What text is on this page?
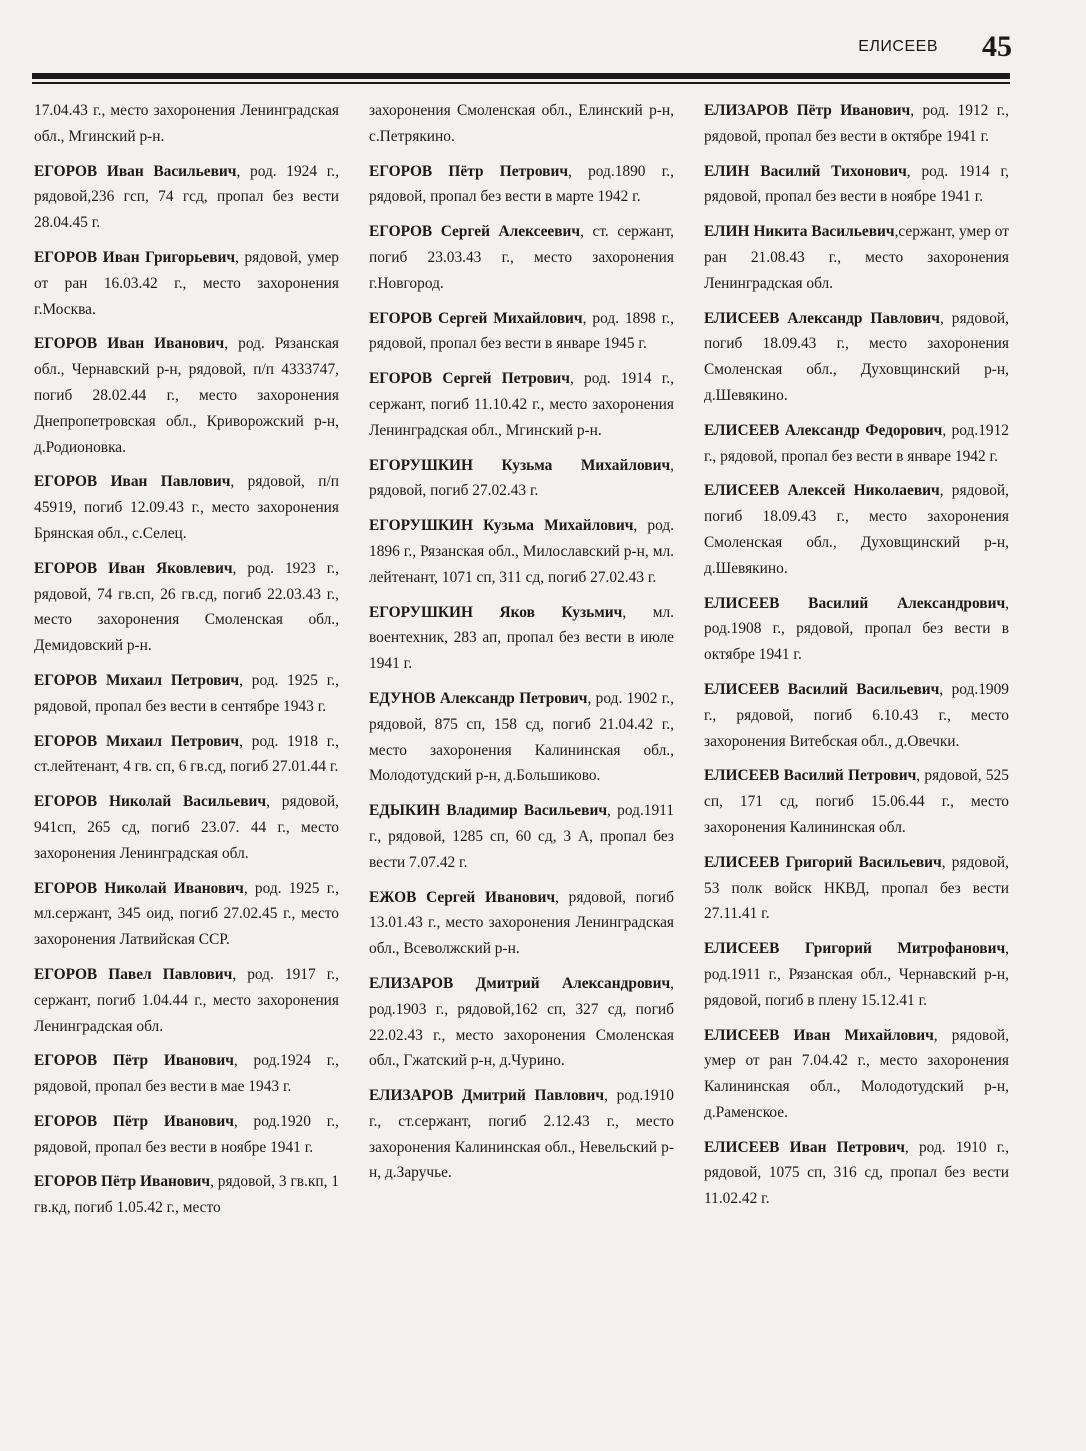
ЕЛИСЕЕВ 45

17.04.43 г., место захоронения Ленинградская обл., Мгинский р-н.

ЕГОРОВ Иван Васильевич, род. 1924 г., рядовой,236 гсп, 74 гсд, пропал без вести 28.04.45 г.

ЕГОРОВ Иван Григорьевич, рядовой, умер от ран 16.03.42 г., место захоронения г.Москва.

ЕГОРОВ Иван Иванович, род. Рязанская обл., Чернавский р-н, рядовой, п/п 4333747, погиб 28.02.44 г., место захоронения Днепропетровская обл., Криворожский р-н, д.Родионовка.

ЕГОРОВ Иван Павлович, рядовой, п/п 45919, погиб 12.09.43 г., место захоронения Брянская обл., с.Селец.

ЕГОРОВ Иван Яковлевич, род. 1923 г., рядовой, 74 гв.сп, 26 гв.сд, погиб 22.03.43 г., место захоронения Смоленская обл., Демидовский р-н.

ЕГОРОВ Михаил Петрович, род. 1925 г., рядовой, пропал без вести в сентябре 1943 г.

ЕГОРОВ Михаил Петрович, род. 1918 г., ст.лейтенант, 4 гв. сп, 6 гв.сд, погиб 27.01.44 г.

ЕГОРОВ Николай Васильевич, рядовой, 941сп, 265 сд, погиб 23.07. 44 г., место захоронения Ленинградская обл.

ЕГОРОВ Николай Иванович, род. 1925 г., мл.сержант, 345 оид, погиб 27.02.45 г., место захоронения Латвийская ССР.

ЕГОРОВ Павел Павлович, род. 1917 г., сержант, погиб 1.04.44 г., место захоронения Ленинградская обл.

ЕГОРОВ Пётр Иванович, род.1924 г., рядовой, пропал без вести в мае 1943 г.

ЕГОРОВ Пётр Иванович, род.1920 г., рядовой, пропал без вести в ноябре 1941 г.

ЕГОРОВ Пётр Иванович, рядовой, 3 гв.кп, 1 гв.кд, погиб 1.05.42 г., место

захоронения Смоленская обл., Елинский р-н, с.Петрякино.

ЕГОРОВ Пётр Петрович, род.1890 г., рядовой, пропал без вести в марте 1942 г.

ЕГОРОВ Сергей Алексеевич, ст. сержант, погиб 23.03.43 г., место захоронения г.Новгород.

ЕГОРОВ Сергей Михайлович, род. 1898 г., рядовой, пропал без вести в январе 1945 г.

ЕГОРОВ Сергей Петрович, род. 1914 г., сержант, погиб 11.10.42 г., место захоронения Ленинградская обл., Мгинский р-н.

ЕГОРУШКИН Кузьма Михайлович, рядовой, погиб 27.02.43 г.

ЕГОРУШКИН Кузьма Михайлович, род. 1896 г., Рязанская обл., Милославский р-н, мл. лейтенант, 1071 сп, 311 сд, погиб 27.02.43 г.

ЕГОРУШКИН Яков Кузьмич, мл. воентехник, 283 ап, пропал без вести в июле 1941 г.

ЕДУНОВ Александр Петрович, род. 1902 г., рядовой, 875 сп, 158 сд, погиб 21.04.42 г., место захоронения Калининская обл., Молодотудский р-н, д.Большиково.

ЕДЫКИН Владимир Васильевич, род.1911 г., рядовой, 1285 сп, 60 сд, 3 А, пропал без вести 7.07.42 г.

ЕЖОВ Сергей Иванович, рядовой, погиб 13.01.43 г., место захоронения Ленинградская обл., Всеволжский р-н.

ЕЛИЗАРОВ Дмитрий Александрович, род.1903 г., рядовой,162 сп, 327 сд, погиб 22.02.43 г., место захоронения Смоленская обл., Гжатский р-н, д.Чурино.

ЕЛИЗАРОВ Дмитрий Павлович, род.1910 г., ст.сержант, погиб 2.12.43 г., место захоронения Калининская обл., Невельский р-н, д.Заручье.

ЕЛИЗАРОВ Пётр Иванович, род. 1912 г., рядовой, пропал без вести в октябре 1941 г.

ЕЛИН Василий Тихонович, род. 1914 г, рядовой, пропал без вести в ноябре 1941 г.

ЕЛИН Никита Васильевич,сержант, умер от ран 21.08.43 г., место захоронения Ленинградская обл.

ЕЛИСЕЕВ Александр Павлович, рядовой, погиб 18.09.43 г., место захоронения Смоленская обл., Духовщинский р-н, д.Шевякино.

ЕЛИСЕЕВ Александр Федорович, род.1912 г., рядовой, пропал без вести в январе 1942 г.

ЕЛИСЕЕВ Алексей Николаевич, рядовой, погиб 18.09.43 г., место захоронения Смоленская обл., Духовщинский р-н, д.Шевякино.

ЕЛИСЕЕВ Василий Александрович, род.1908 г., рядовой, пропал без вести в октябре 1941 г.

ЕЛИСЕЕВ Василий Васильевич, род.1909 г., рядовой, погиб 6.10.43 г., место захоронения Витебская обл., д.Овечки.

ЕЛИСЕЕВ Василий Петрович, рядовой, 525 сп, 171 сд, погиб 15.06.44 г., место захоронения Калининская обл.

ЕЛИСЕЕВ Григорий Васильевич, рядовой, 53 полк войск НКВД, пропал без вести 27.11.41 г.

ЕЛИСЕЕВ Григорий Митрофанович, род.1911 г., Рязанская обл., Чернавский р-н, рядовой, погиб в плену 15.12.41 г.

ЕЛИСЕЕВ Иван Михайлович, рядовой, умер от ран 7.04.42 г., место захоронения Калининская обл., Молодотудский р-н, д.Раменское.

ЕЛИСЕЕВ Иван Петрович, род. 1910 г., рядовой, 1075 сп, 316 сд, пропал без вести 11.02.42 г.
